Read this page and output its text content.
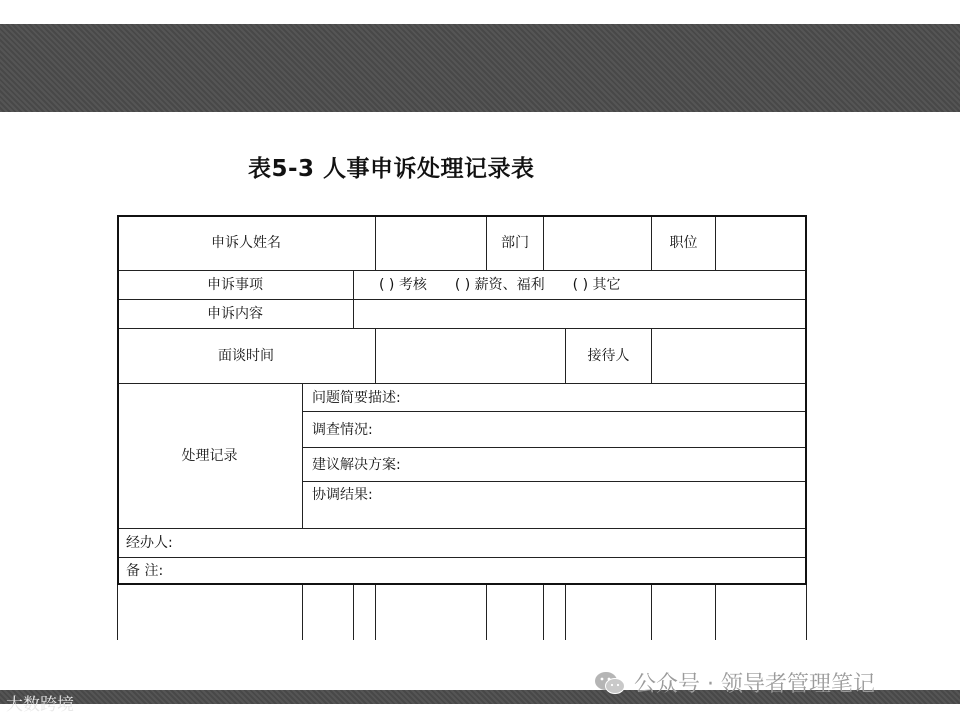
表5-3 人事申诉处理记录表
申诉人姓名	部门	职位
申诉事项	( ) 考核 ( ) 薪资、福利 ( ) 其它
申诉内容
面谈时间	接待人
处理记录
问题简要描述:
调查情况:
建议解决方案:
协调结果:
经办人:
备 注:
大数跨境
公众号 · 领导者管理笔记
